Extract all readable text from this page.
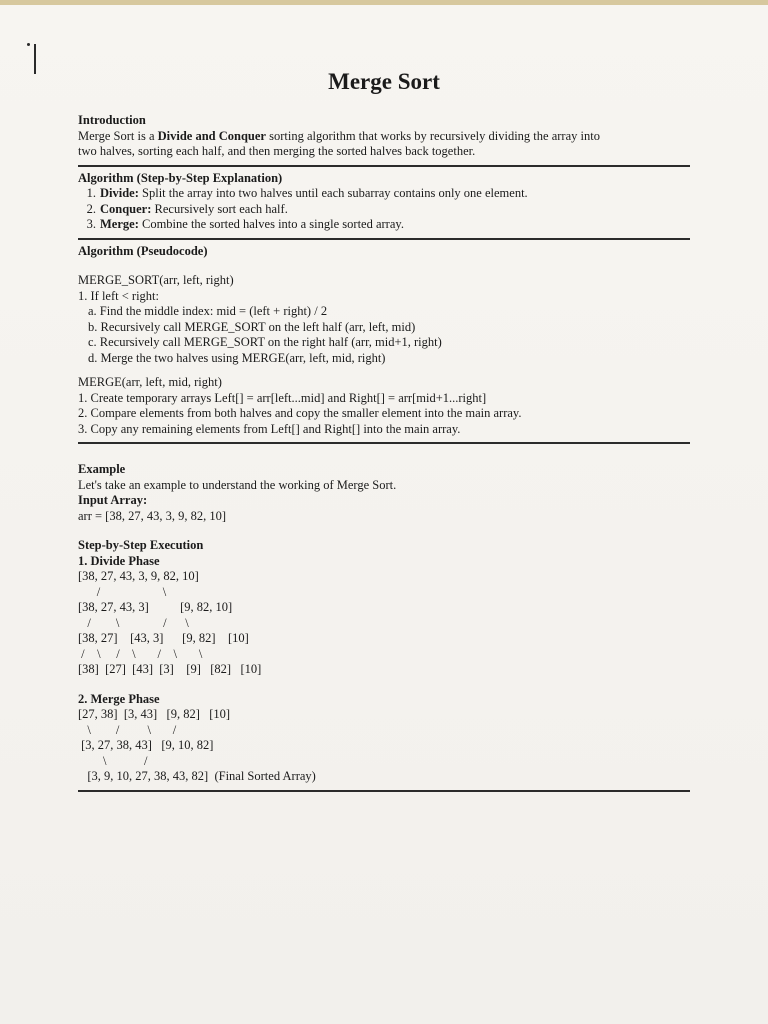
Merge Sort
Introduction

Merge Sort is a Divide and Conquer sorting algorithm that works by recursively dividing the array into
two halves, sorting each half, and then merging the sorted halves back together.

Algorithm (Step-by-Step Explanation)
1. Divide: Split the array into two halves until each subarray contains only one element.
2. Conquer: Recursively sort each half.
3. Merge: Combine the sorted halves into a single sorted array.
Algorithm (Pseudocode)
MERGE_SORT(arr, left, right)
1. If left < right:
a. Find the middle index: mid = (left + right) / 2
b. Recursively call MERGE_SORT on the left half (arr, left, mid)
c. Recursively call MERGE_SORT on the right half (arr, mid+1, right)
d. Merge the two halves using MERGE(arr, left, mid, right)
MERGE(arr, left, mid, right)
1. Create temporary arrays Left[] = arr[left...mid] and Right[] = arr[mid+1...right]
2. Compare elements from both halves and copy the smaller element into the main array.
3. Copy any remaining elements from Left[] and Right[] into the main array.
Example
Let's take an example to understand the working of Merge Sort.
Input Array:
arr = [38, 27, 43, 3, 9, 82, 10]
Step-by-Step Execution
1. Divide Phase
[38, 27, 43, 3, 9, 82, 10]
/                    \
[38, 27, 43, 3]          [9, 82, 10]
/        \              /      \
[38, 27]    [43, 3]      [9, 82]    [10]
/    \     /    \       /    \       \
[38]  [27]  [43]  [3]    [9]   [82]   [10]
2. Merge Phase
[27, 38]  [3, 43]   [9, 82]   [10]
\        /         \       /
[3, 27, 38, 43]   [9, 10, 82]
\            /
[3, 9, 10, 27, 38, 43, 82]  (Final Sorted Array)
